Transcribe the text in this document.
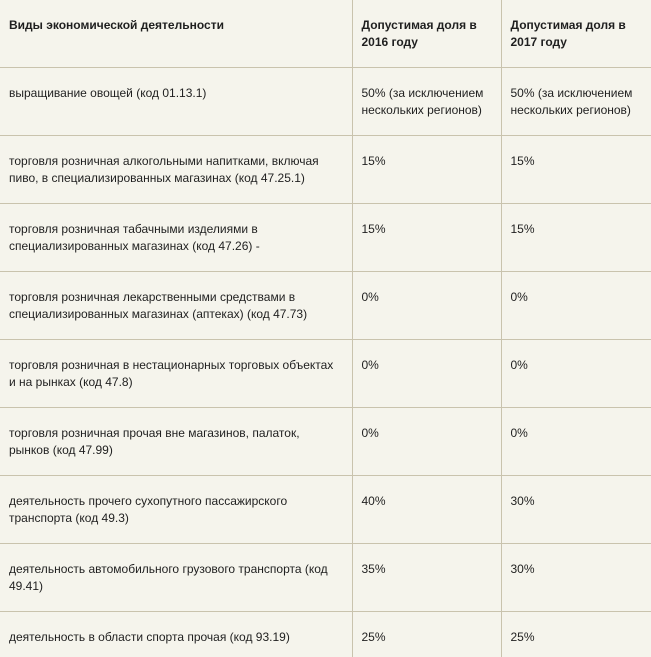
Виды экономической деятельности	Допустимая доля в 2016 году	Допустимая доля в 2017 году
выращивание овощей (код 01.13.1)	50% (за исключением нескольких регионов)	50% (за исключением нескольких регионов)
торговля розничная алкогольными напитками, включая пиво, в специализированных магазинах (код 47.25.1)	15%	15%
торговля розничная табачными изделиями в специализированных магазинах (код 47.26) -	15%	15%
торговля розничная лекарственными средствами в специализированных магазинах (аптеках) (код 47.73)	0%	0%
торговля розничная в нестационарных торговых объектах и на рынках (код 47.8)	0%	0%
торговля розничная прочая вне магазинов, палаток, рынков (код 47.99)	0%	0%
деятельность прочего сухопутного пассажирского транспорта (код 49.3)	40%	30%
деятельность автомобильного грузового транспорта (код 49.41)	35%	30%
деятельность в области спорта прочая (код 93.19)	25%	25%
